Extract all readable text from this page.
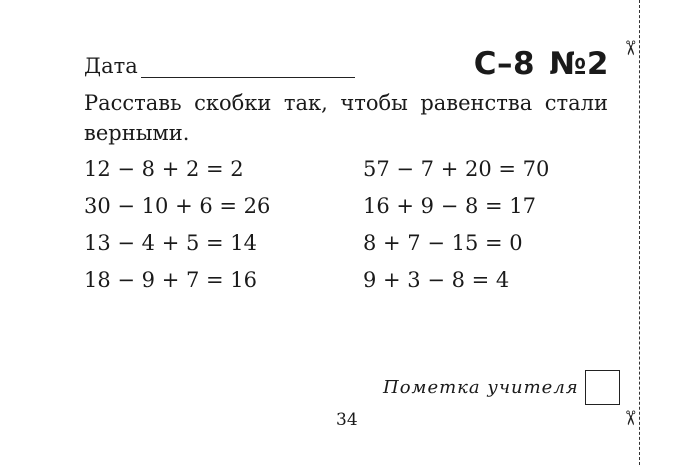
✂
✂
Дата	С–8 №2
Расставь скобки так, чтобы равенства стали верными.
12 − 8 + 2 = 2	57 − 7 + 20 = 70
30 − 10 + 6 = 26	16 + 9 − 8 = 17
13 − 4 + 5 = 14	8 + 7 − 15 = 0
18 − 9 + 7 = 16	9 + 3 − 8 = 4
Пометка учителя
34
